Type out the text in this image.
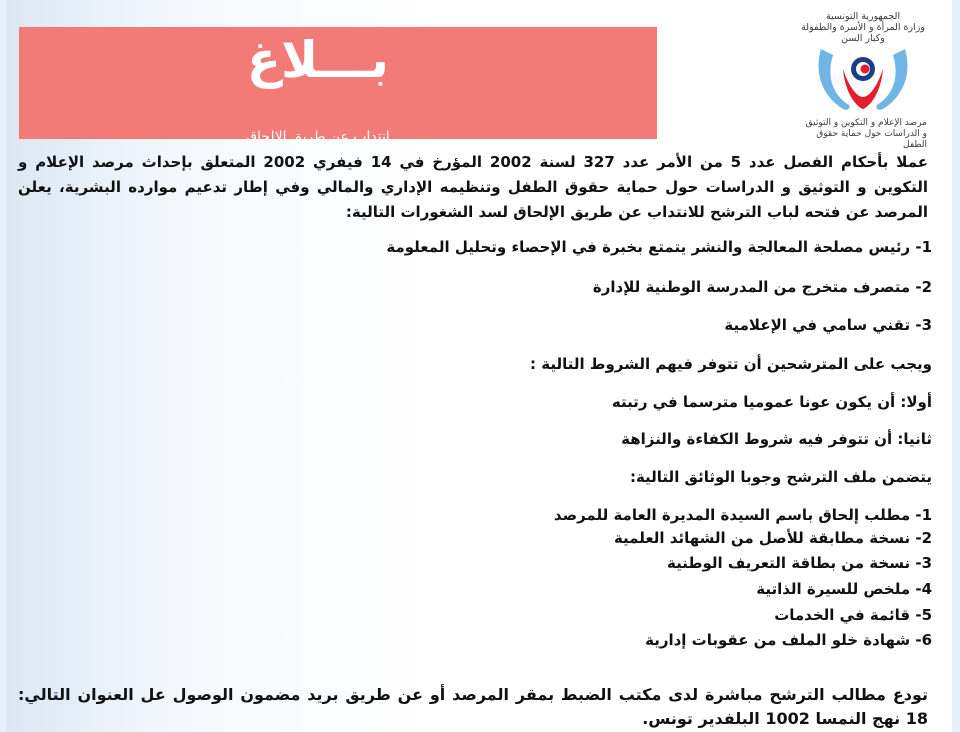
بـــلاغ
انتداب عن طريق الإلحاق
الجمهورية التونسية
وزارة المرأة و الأسرة والطفولة وكبار السن
مرصد الإعلام و التكوين و التوثيق
و الدراسات حول حماية حقوق الطفل
عملا بأحكام الفصل عدد 5 من الأمر عدد 327 لسنة 2002 المؤرخ في 14 فيفري 2002 المتعلق بإحداث مرصد الإعلام و التكوين و التوثيق و الدراسات حول حماية حقوق الطفل وتنظيمه الإداري والمالي وفي إطار تدعيم موارده البشرية، يعلن المرصد عن فتحه لباب الترشح للانتداب عن طريق الإلحاق لسد الشغورات التالية:
1- رئيس مصلحة المعالجة والنشر يتمتع بخبرة في الإحصاء وتحليل المعلومة
2- متصرف متخرج من المدرسة الوطنية للإدارة
3- تقني سامي في الإعلامية
ويجب على المترشحين أن تتوفر فيهم الشروط التالية :
أولا: أن يكون عونا عموميا مترسما في رتبته
ثانيا: أن تتوفر فيه شروط الكفاءة والنزاهة
يتضمن ملف الترشح وجوبا الوثائق التالية:
1- مطلب إلحاق باسم السيدة المديرة العامة للمرصد
2- نسخة مطابقة للأصل من الشهائد العلمية
3- نسخة من بطاقة التعريف الوطنية
4- ملخص للسيرة الذاتية
5- قائمة في الخدمات
6- شهادة خلو الملف من عقوبات إدارية
تودع مطالب الترشح مباشرة لدى مكتب الضبط بمقر المرصد أو عن طريق بريد مضمون الوصول عل العنوان التالي: 18 نهج النمسا 1002 البلفدير تونس.
